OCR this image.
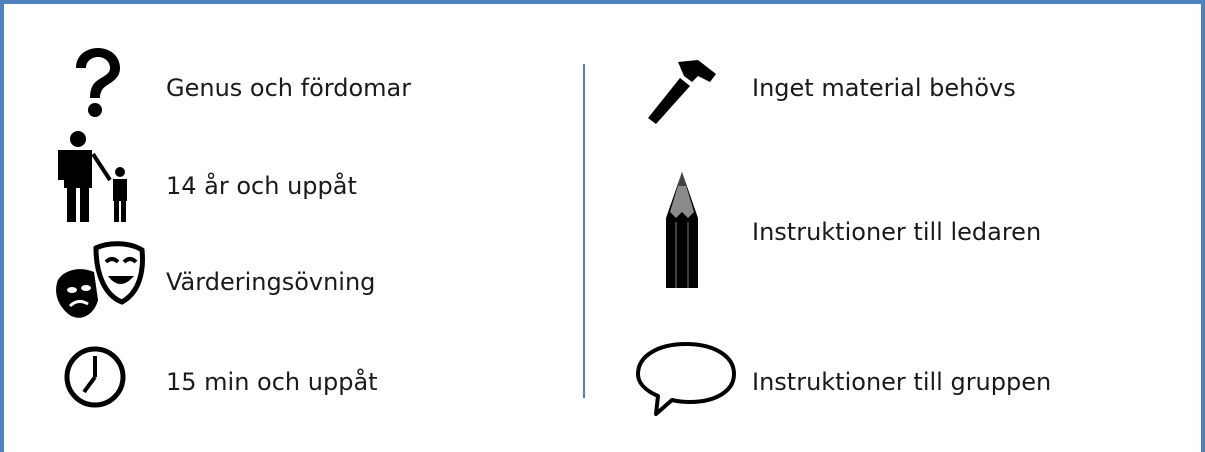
Genus och fördomar
14 år och uppåt
Värderingsövning
15 min och uppåt
Inget material behövs
Instruktioner till ledaren
Instruktioner till gruppen
